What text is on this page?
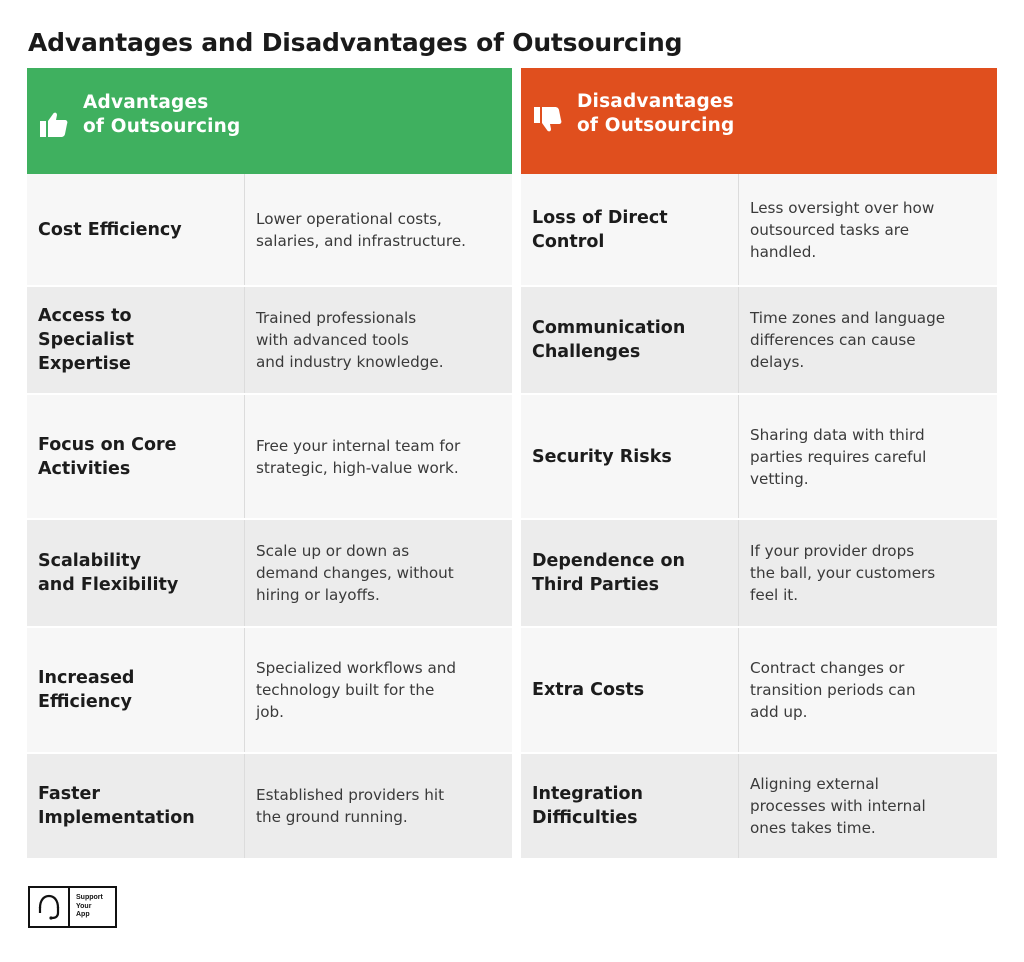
Advantages and Disadvantages of Outsourcing
Advantages
of Outsourcing
Cost Efficiency
Lower operational costs,
salaries, and infrastructure.
Access to
Specialist
Expertise
Trained professionals
with advanced tools
and industry knowledge.
Focus on Core
Activities
Free your internal team for
strategic, high-value work.
Scalability
and Flexibility
Scale up or down as
demand changes, without
hiring or layoffs.
Increased
Efficiency
Specialized workflows and
technology built for the
job.
Faster
Implementation
Established providers hit
the ground running.
Disadvantages
of Outsourcing
Loss of Direct
Control
Less oversight over how
outsourced tasks are
handled.
Communication
Challenges
Time zones and language
differences can cause
delays.
Security Risks
Sharing data with third
parties requires careful
vetting.
Dependence on
Third Parties
If your provider drops
the ball, your customers
feel it.
Extra Costs
Contract changes or
transition periods can
add up.
Integration
Difficulties
Aligning external
processes with internal
ones takes time.
Support
Your
App
